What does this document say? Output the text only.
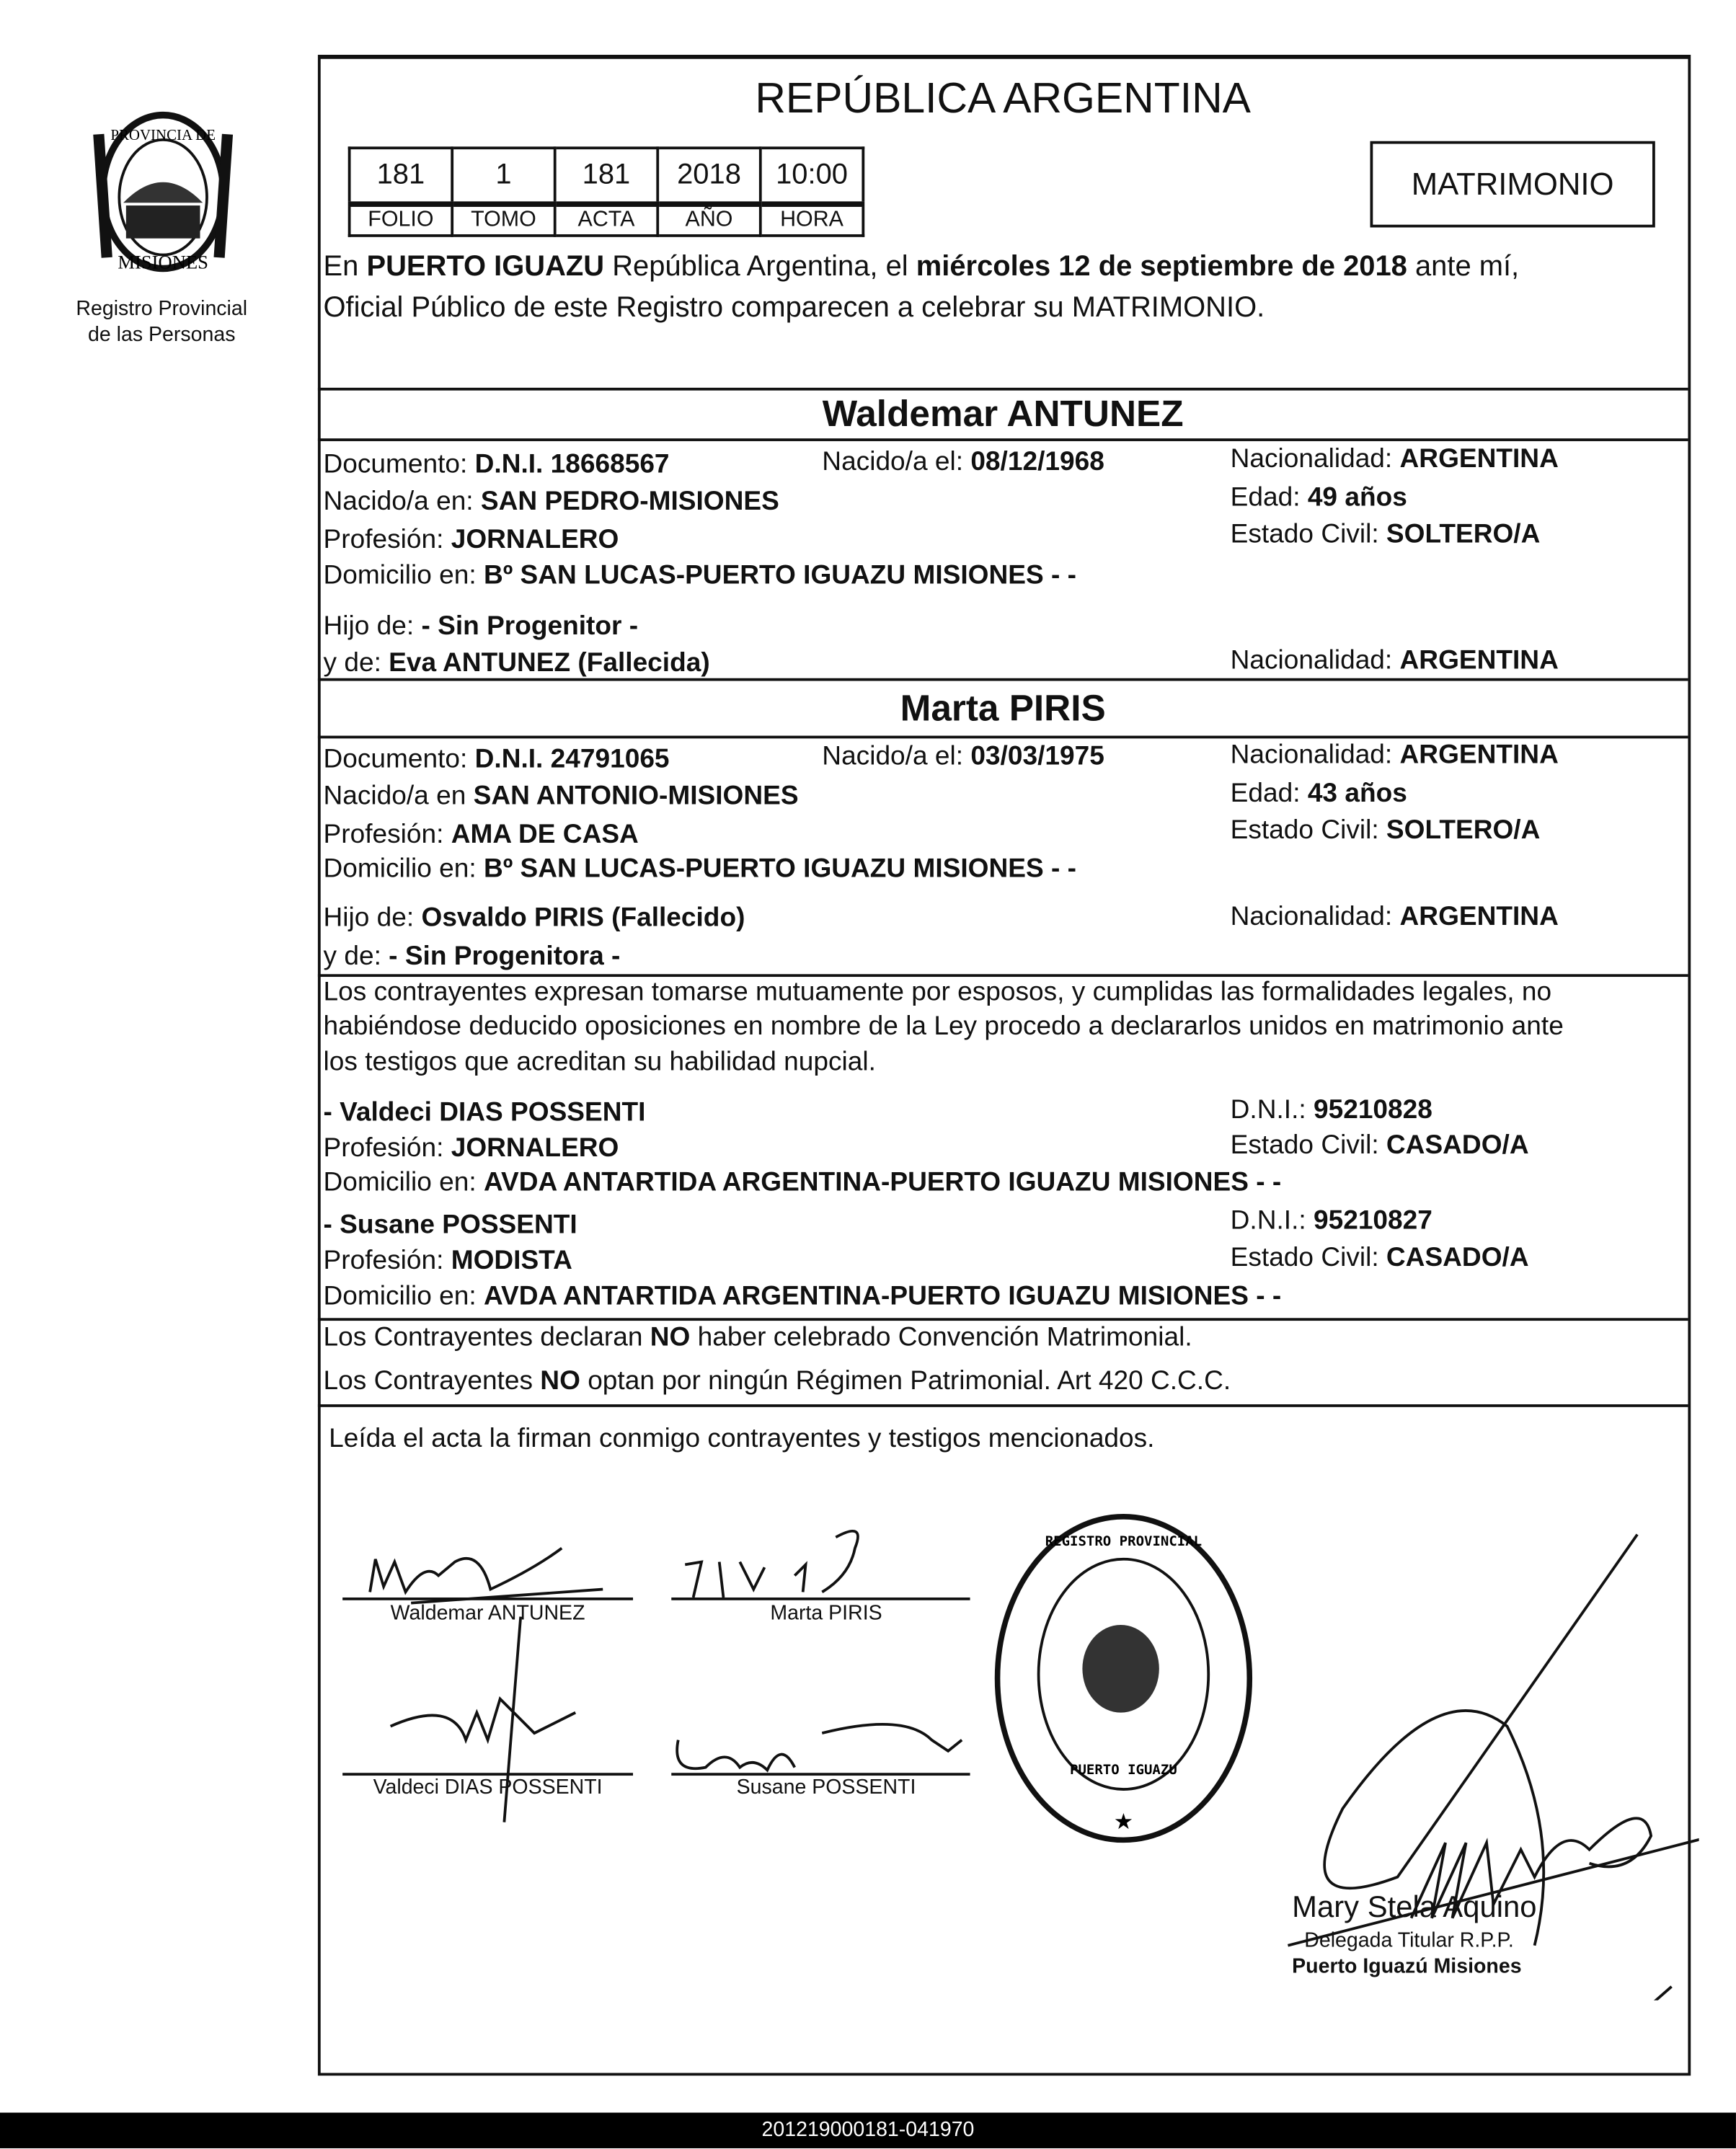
PROVINCIA DE
MISIONES
Registro Provincial
de las Personas
REPÚBLICA ARGENTINA
181	1	181	2018	10:00
FOLIO	TOMO	ACTA	AÑO	HORA
MATRIMONIO
En PUERTO IGUAZU República Argentina, el miércoles 12 de septiembre de 2018 ante mí,
Oficial Público de este Registro comparecen a celebrar su MATRIMONIO.
Waldemar ANTUNEZ
Documento: D.N.I. 18668567	Nacido/a el: 08/12/1968	Nacionalidad: ARGENTINA
Nacido/a en: SAN PEDRO-MISIONES	Edad: 49 años
Profesión: JORNALERO	Estado Civil: SOLTERO/A
Domicilio en: Bº SAN LUCAS-PUERTO IGUAZU MISIONES - -
Hijo de: - Sin Progenitor -
y de: Eva ANTUNEZ (Fallecida)	Nacionalidad: ARGENTINA
Marta PIRIS
Documento: D.N.I. 24791065	Nacido/a el: 03/03/1975	Nacionalidad: ARGENTINA
Nacido/a en SAN ANTONIO-MISIONES	Edad: 43 años
Profesión: AMA DE CASA	Estado Civil: SOLTERO/A
Domicilio en: Bº SAN LUCAS-PUERTO IGUAZU MISIONES - -
Hijo de: Osvaldo PIRIS (Fallecido)	Nacionalidad: ARGENTINA
y de: - Sin Progenitora -
Los contrayentes expresan tomarse mutuamente por esposos, y cumplidas las formalidades legales, no
habiéndose deducido oposiciones en nombre de la Ley procedo a declararlos unidos en matrimonio ante
los testigos que acreditan su habilidad nupcial.
- Valdeci DIAS POSSENTI	D.N.I.: 95210828
Profesión: JORNALERO	Estado Civil: CASADO/A
Domicilio en: AVDA ANTARTIDA ARGENTINA-PUERTO IGUAZU MISIONES - -
- Susane POSSENTI	D.N.I.: 95210827
Profesión: MODISTA	Estado Civil: CASADO/A
Domicilio en: AVDA ANTARTIDA ARGENTINA-PUERTO IGUAZU MISIONES - -
Los Contrayentes declaran NO haber celebrado Convención Matrimonial.
Los Contrayentes NO optan por ningún Régimen Patrimonial. Art 420 C.C.C.
Leída el acta la firman conmigo contrayentes y testigos mencionados.
Waldemar ANTUNEZ	Marta PIRIS
Valdeci DIAS POSSENTI	Susane POSSENTI
★
REGISTRO PROVINCIAL
PUERTO IGUAZU
Mary Stela Aquino
Delegada Titular R.P.P.
Puerto Iguazú Misiones
201219000181-041970
